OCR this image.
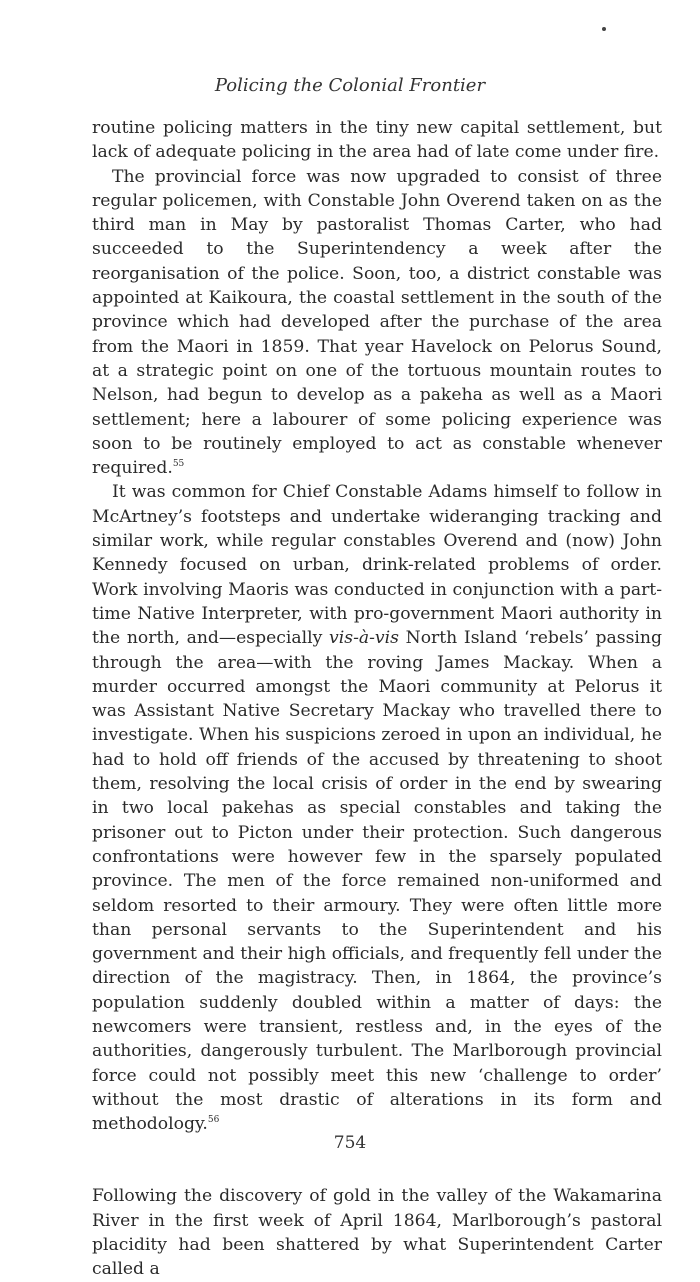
Policing the Colonial Frontier

routine policing matters in the tiny new capital settlement, but lack of adequate policing in the area had of late come under fire.

The provincial force was now upgraded to consist of three regular policemen, with Constable John Overend taken on as the third man in May by pastoralist Thomas Carter, who had succeeded to the Superintendency a week after the reorganisation of the police. Soon, too, a district constable was appointed at Kaikoura, the coastal settlement in the south of the province which had developed after the purchase of the area from the Maori in 1859. That year Havelock on Pelorus Sound, at a strategic point on one of the tortuous mountain routes to Nelson, had begun to develop as a pakeha as well as a Maori settlement; here a labourer of some policing experience was soon to be routinely employed to act as constable whenever required.$^{55}$

It was common for Chief Constable Adams himself to follow in McArtney’s footsteps and undertake wideranging tracking and similar work, while regular constables Overend and (now) John Kennedy focused on urban, drink-related problems of order. Work involving Maoris was conducted in conjunction with a part-time Native Interpreter, with pro-government Maori authority in the north, and—especially vis-à-vis North Island ‘rebels’ passing through the area—with the roving James Mackay. When a murder occurred amongst the Maori community at Pelorus it was Assistant Native Secretary Mackay who travelled there to investigate. When his suspicions zeroed in upon an individual, he had to hold off friends of the accused by threatening to shoot them, resolving the local crisis of order in the end by swearing in two local pakehas as special constables and taking the prisoner out to Picton under their protection. Such dangerous confrontations were however few in the sparsely populated province. The men of the force remained non-uniformed and seldom resorted to their armoury. They were often little more than personal servants to the Superintendent and his government and their high officials, and frequently fell under the direction of the magistracy. Then, in 1864, the province’s population suddenly doubled within a matter of days: the newcomers were transient, restless and, in the eyes of the authorities, dangerously turbulent. The Marlborough provincial force could not possibly meet this new ‘challenge to order’ without the most drastic of alterations in its form and methodology.$^{56}$

Following the discovery of gold in the valley of the Wakamarina River in the first week of April 1864, Marlborough’s pastoral placidity had been shattered by what Superintendent Carter called a

754
